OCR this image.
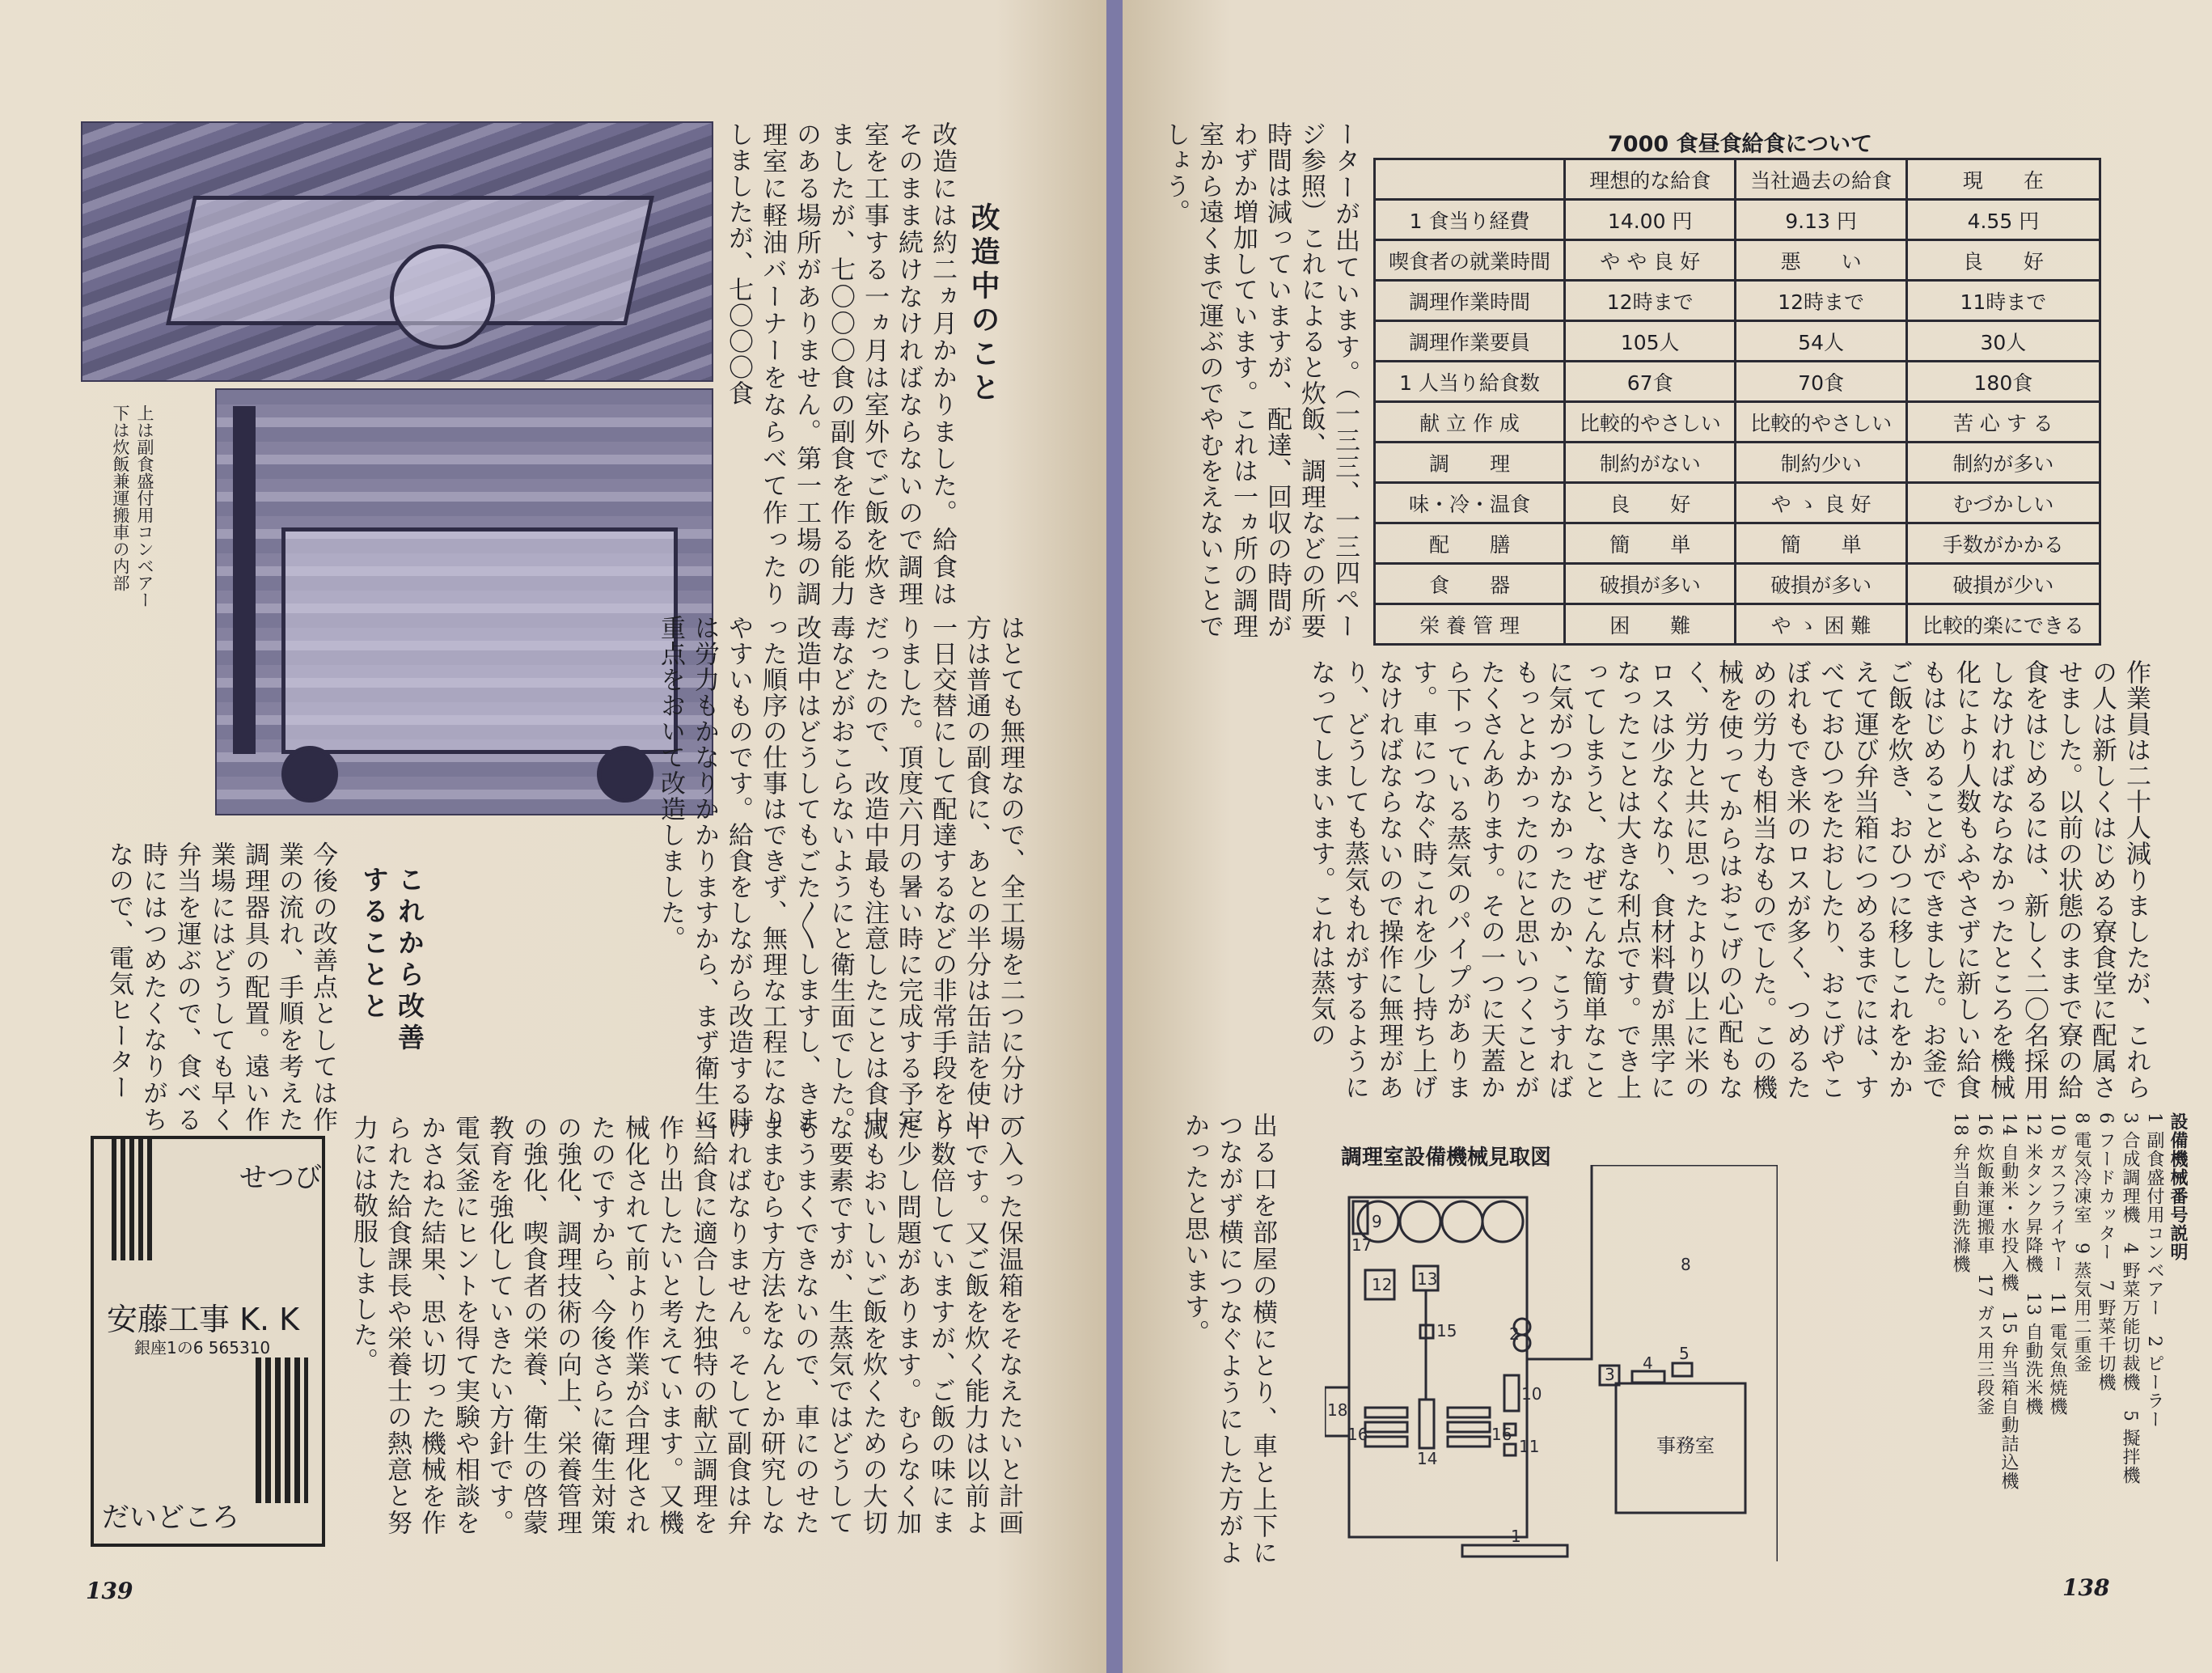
上は副食盛付用コンベアー
下は炊飯兼運搬車の内部
改造中のこと

改造には約二ヵ月かかりました。給食はそのまま続けなければならないので調理室を工事する一ヵ月は室外でご飯を炊きましたが、七〇〇〇食の副食を作る能力のある場所がありません。第一工場の調理室に軽油バーナーをならべて作ったりしましたが、七〇〇〇食

はとても無理なので、全工場を二つに分け一方は普通の副食に、あとの半分は缶詰を使い一日交替にして配達するなどの非常手段をとりました。頂度六月の暑い時に完成する予定だったので、改造中最も注意したことは食中毒などがおこらないようにと衛生面でした。改造中はどうしてもごた〳〵しますし、きまった順序の仕事はできず、無理な工程になりやすいものです。給食をしながら改造する時は労力もかなりかかりますから、まず衛生に重点をおいて改造しました。

これから改善することと

今後の改善点としては作業の流れ、手順を考えた調理器具の配置。遠い作業場にはどうしても早く弁当を運ぶので、食べる時にはつめたくなりがちなので、電気ヒーター

の入った保温箱をそなえたいと計画中です。又ご飯を炊く能力は以前より数倍していますが、ご飯の味にまだ少し問題があります。むらなく加減もおいしいご飯を炊くための大切な要素ですが、生蒸気ではどうしてもうまくできないので、車にのせたままむらす方法をなんとか研究しなければなりません。そして副食は弁当給食に適合した独特の献立調理を作り出したいと考えています。又機械化されて前より作業が合理化されたのですから、今後さらに衛生対策の強化、調理技術の向上、栄養管理の強化、喫食者の栄養、衛生の啓蒙教育を強化していきたい方針です。電気釜にヒントを得て実験や相談をかさねた結果、思い切った機械を作られた給食課長や栄養士の熱意と努力には敬服しました。

せつび
安藤工事 K. K
銀座1の6 565310
だいどころ
139
7000 食昼食給食について
	理想的な給食	当社過去の給食	現　　在
1 食当り経費	14.00 円	9.13 円	4.55 円
喫食者の就業時間	や や 良 好	悪　　い	良　　好
調理作業時間	12時まで	12時まで	11時まで
調理作業要員	105人	54人	30人
1 人当り給食数	67食	70食	180食
献 立 作 成	比較的やさしい	比較的やさしい	苦 心 す る
調　　理	制約がない	制約少い	制約が多い
味・冷・温食	良　　好	や ゝ 良 好	むづかしい
配　　膳	簡　　単	簡　　単	手数がかかる
食　　器	破損が多い	破損が多い	破損が少い
栄 養 管 理	困　　難	や ゝ 困 難	比較的楽にできる

ーターが出ています。（一三三、一三四ページ参照）これによると炊飯、調理などの所要時間は減っていますが、配達、回収の時間がわずか増加しています。これは一ヵ所の調理室から遠くまで運ぶのでやむをえないことでしょう。

作業員は二十人減りましたが、これらの人は新しくはじめる寮食堂に配属させました。以前の状態のままで寮の給食をはじめるには、新しく二〇名採用しなければならなかったところを機械化により人数もふやさずに新しい給食もはじめることができました。お釜でご飯を炊き、おひつに移しこれをかかえて運び弁当箱につめるまでには、すべておひつをたおしたり、おこげやこぼれもでき米のロスが多く、つめるための労力も相当なものでした。この機械を使ってからはおこげの心配もなく、労力と共に思ったより以上に米のロスは少なくなり、食材料費が黒字になったことは大きな利点です。でき上ってしまうと、なぜこんな簡単なことに気がつかなかったのか、こうすればもっとよかったのにと思いつくことがたくさんあります。その一つに天蓋から下っている蒸気のパイプがあります。車につなぐ時これを少し持ち上げなければならないので操作に無理があり、どうしても蒸気もれがするようになってしまいます。これは蒸気の

出る口を部屋の横にとり、車と上下につながず横につなぐようにした方がよかったと思います。	調理室設備機械見取図
17
9
12 13
15
14
16	16
10
11
18
2
3
4 5
8
1
事務室

設備機械番号説明

1 副食盛付用コンベアー　2 ピーラー

3 合成調理機　4 野菜万能切裁機　5 擬拌機

6 フードカッター　7 野菜千切機

8 電気冷凍室　9 蒸気用二重釜

10 ガスフライヤー　11 電気魚焼機

12 米タンク昇降機　13 自動洗米機

14 自動米・水投入機　15 弁当箱自動詰込機

16 炊飯兼運搬車　17 ガス用三段釜

18 弁当自動洗滌機

138
